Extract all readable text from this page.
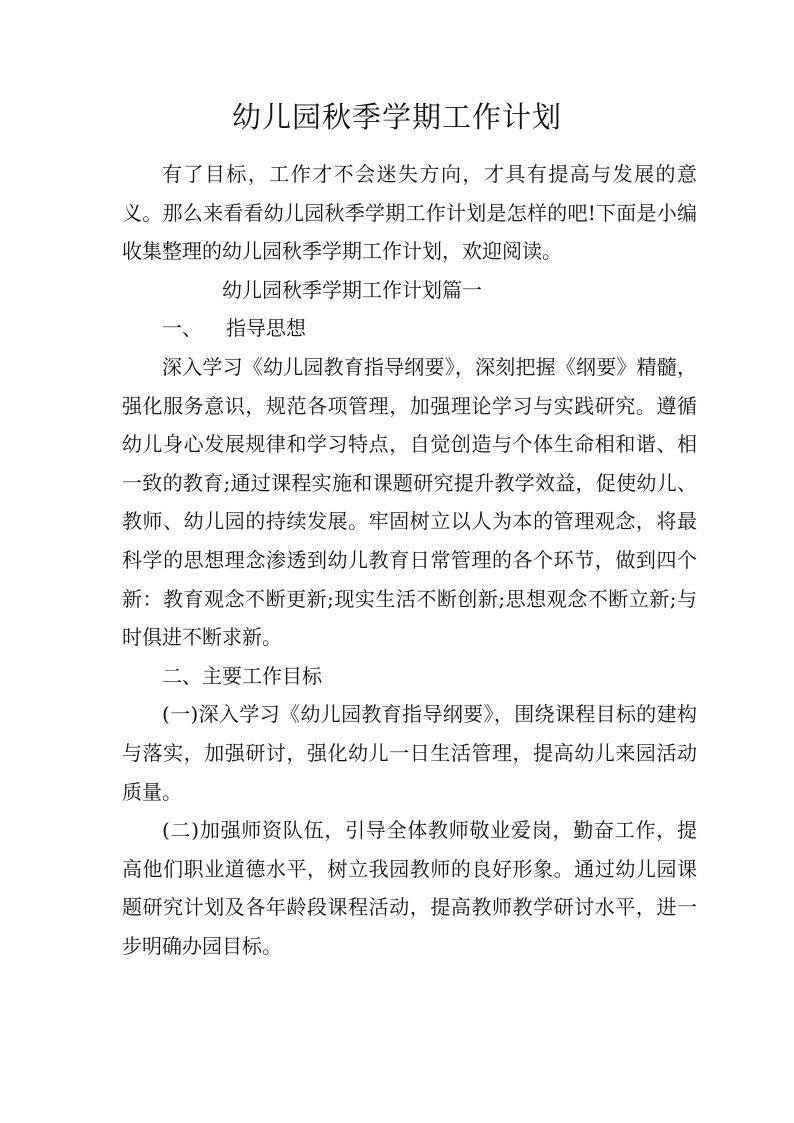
幼儿园秋季学期工作计划

有了目标，工作才不会迷失方向，才具有提高与发展的意义。那么来看看幼儿园秋季学期工作计划是怎样的吧!下面是小编收集整理的幼儿园秋季学期工作计划，欢迎阅读。

幼儿园秋季学期工作计划篇一

一、 指导思想

深入学习《幼儿园教育指导纲要》，深刻把握《纲要》精髓，强化服务意识，规范各项管理，加强理论学习与实践研究。遵循幼儿身心发展规律和学习特点，自觉创造与个体生命相和谐、相一致的教育;通过课程实施和课题研究提升教学效益，促使幼儿、教师、幼儿园的持续发展。牢固树立以人为本的管理观念，将最科学的思想理念渗透到幼儿教育日常管理的各个环节，做到四个新：教育观念不断更新;现实生活不断创新;思想观念不断立新;与时俱进不断求新。

二、主要工作目标

(一)深入学习《幼儿园教育指导纲要》，围绕课程目标的建构与落实，加强研讨，强化幼儿一日生活管理，提高幼儿来园活动质量。

(二)加强师资队伍，引导全体教师敬业爱岗，勤奋工作，提高他们职业道德水平，树立我园教师的良好形象。通过幼儿园课题研究计划及各年龄段课程活动，提高教师教学研讨水平，进一步明确办园目标。
